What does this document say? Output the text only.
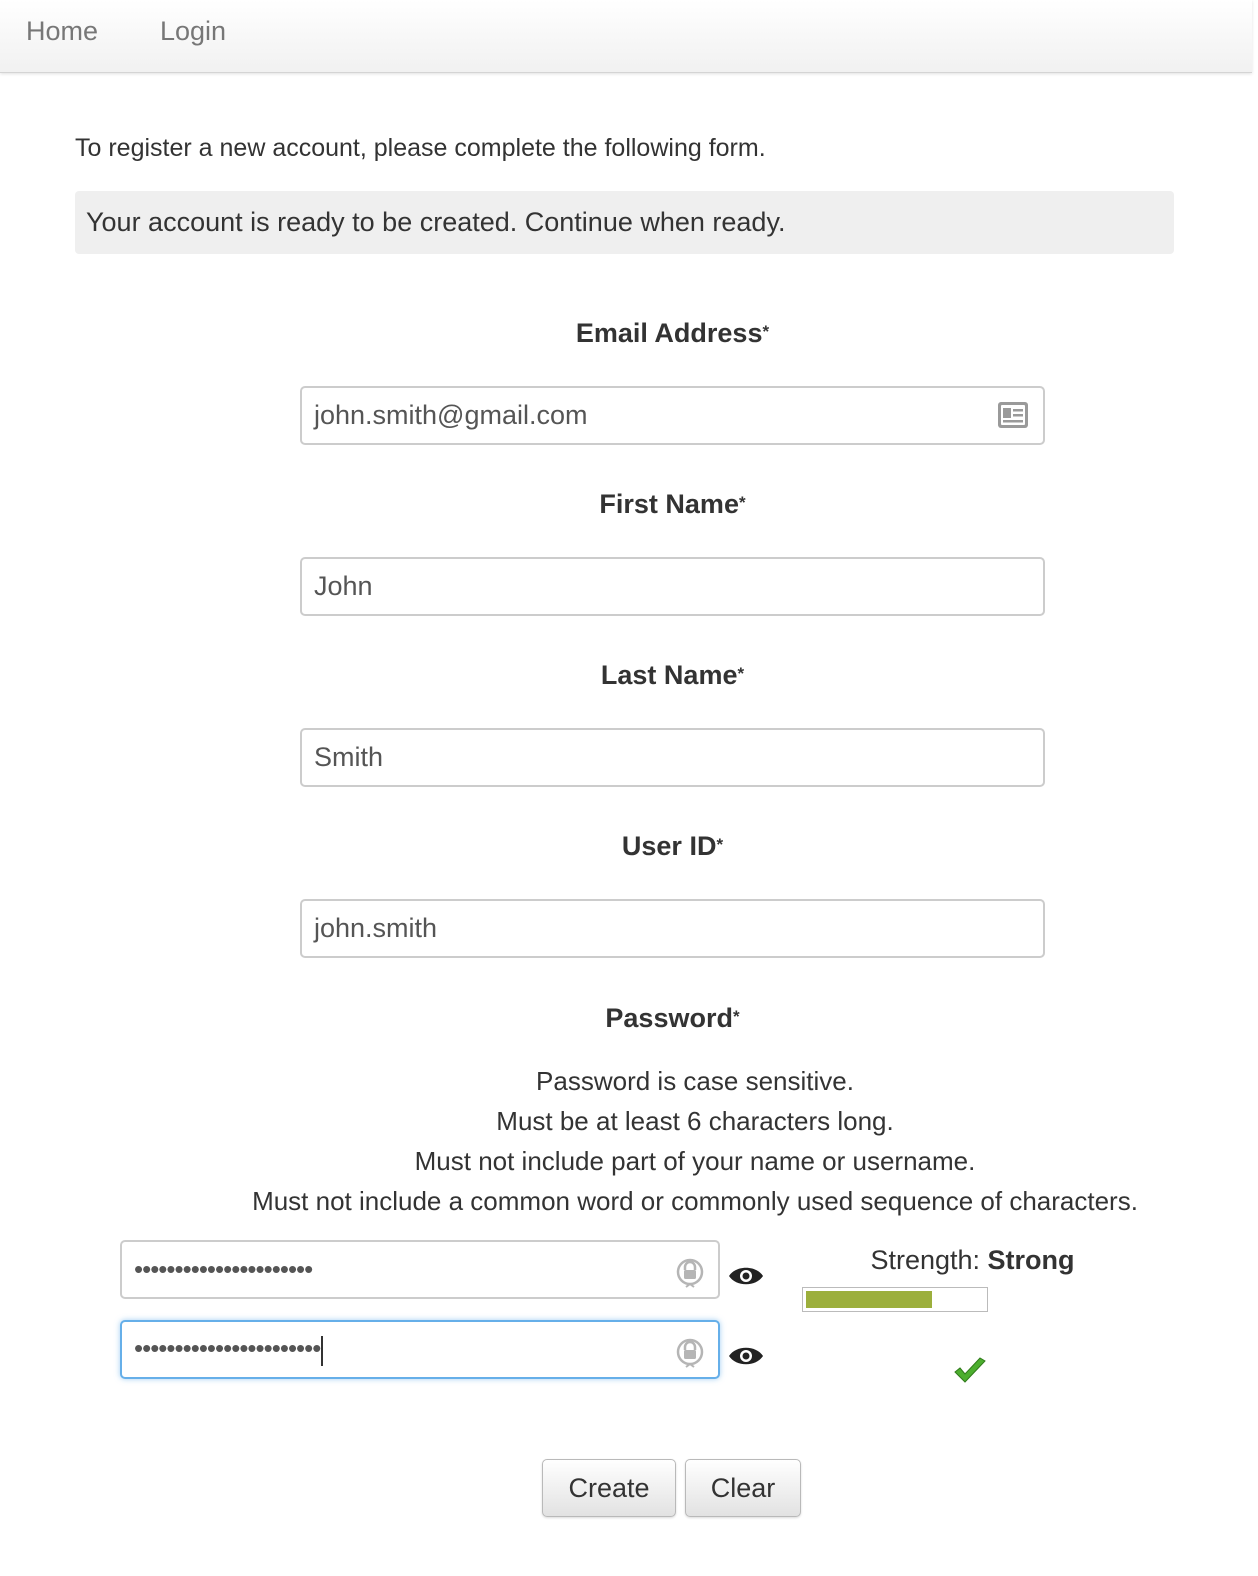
Home Login
To register a new account, please complete the following form.
Your account is ready to be created. Continue when ready.
Email Address*
john.smith@gmail.com
First Name*
John
Last Name*
Smith
User ID*
john.smith
Password*
Password is case sensitive.
Must be at least 6 characters long.
Must not include part of your name or username.
Must not include a common word or commonly used sequence of characters.
••••••••••••••••••••••
•••••••••••••••••••••••
Strength: Strong
Create	Clear
